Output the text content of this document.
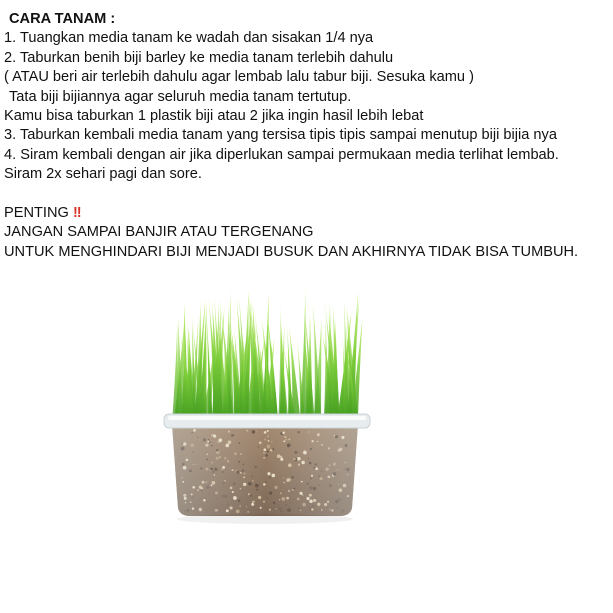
CARA TANAM :
1. Tuangkan media tanam ke wadah dan sisakan 1/4 nya
2. Taburkan benih biji barley ke media tanam terlebih dahulu
( ATAU beri air terlebih dahulu agar lembab lalu tabur biji. Sesuka kamu )
Tata biji bijiannya agar seluruh media tanam tertutup.
Kamu bisa taburkan 1 plastik biji atau 2 jika ingin hasil lebih lebat
3. Taburkan kembali media tanam yang tersisa tipis tipis sampai menutup biji bijia nya
4. Siram kembali dengan air jika diperlukan sampai permukaan media terlihat lembab.
Siram 2x sehari pagi dan sore.
PENTING !!
JANGAN SAMPAI BANJIR ATAU TERGENANG
UNTUK MENGHINDARI BIJI MENJADI BUSUK DAN AKHIRNYA TIDAK BISA TUMBUH.
